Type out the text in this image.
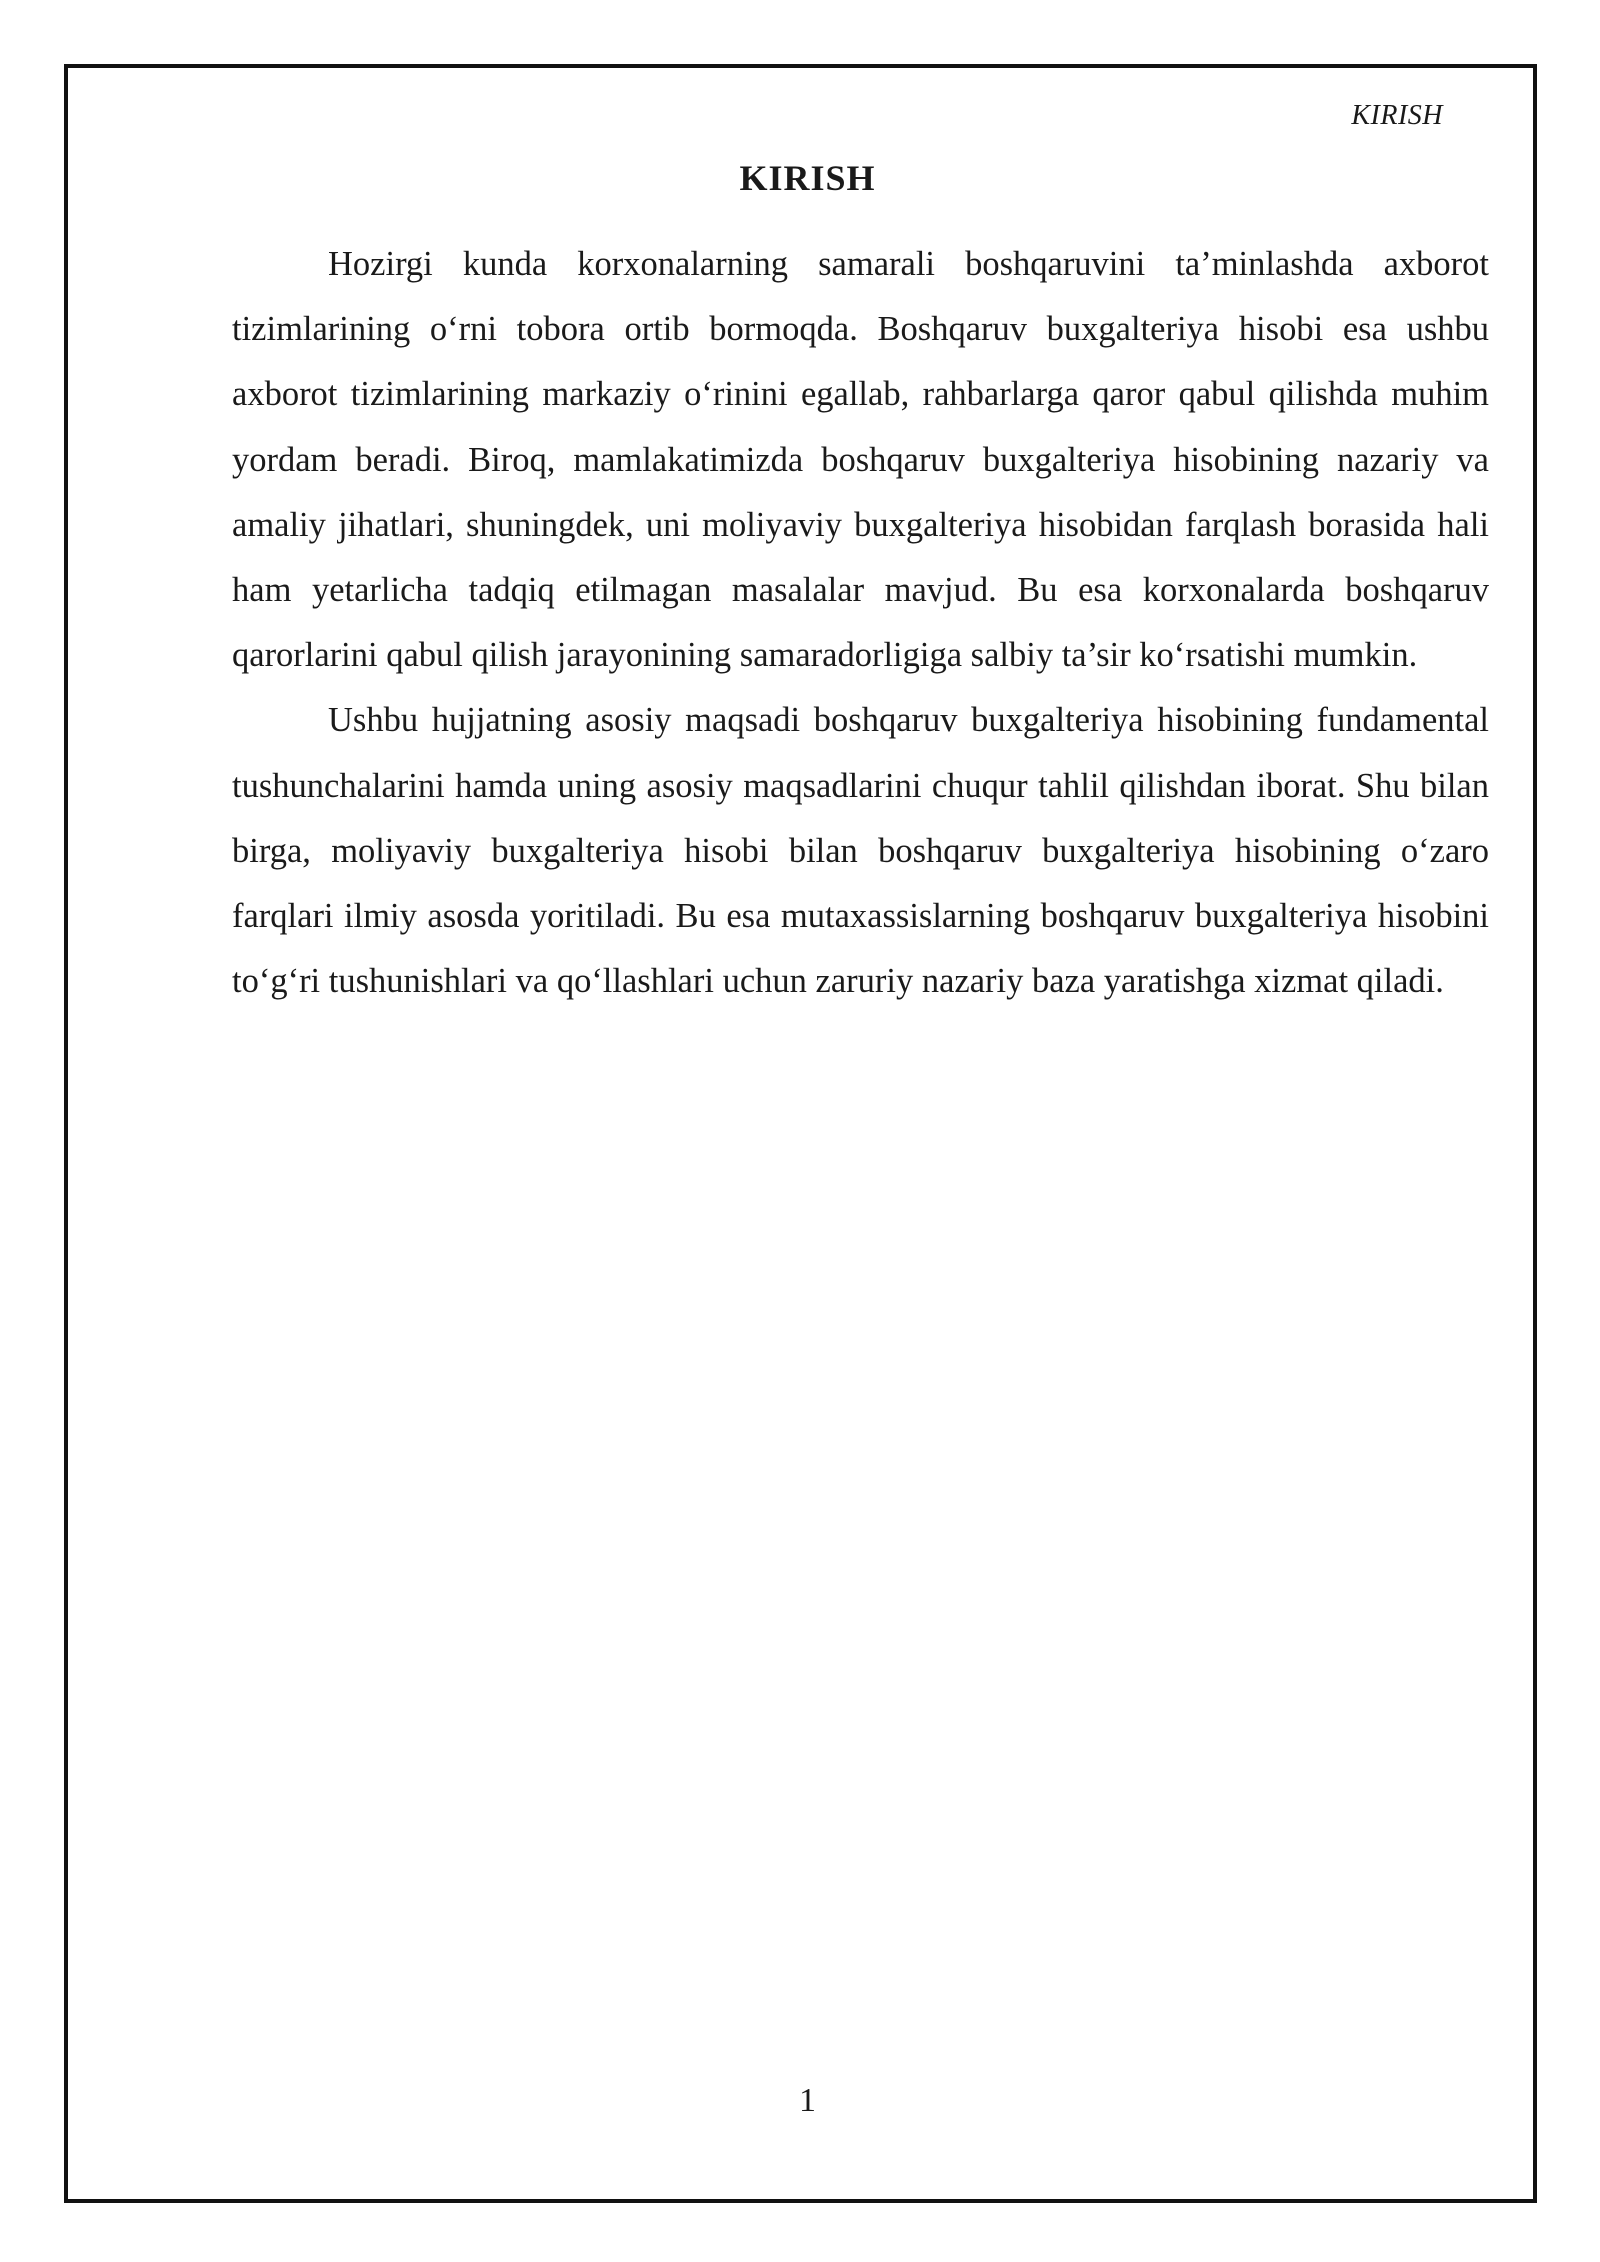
KIRISH
KIRISH

Hozirgi kunda korxonalarning samarali boshqaruvini ta’minlashda axborot tizimlarining o‘rni tobora ortib bormoqda. Boshqaruv buxgalteriya hisobi esa ushbu axborot tizimlarining markaziy o‘rinini egallab, rahbarlarga qaror qabul qilishda muhim yordam beradi. Biroq, mamlakatimizda boshqaruv buxgalteriya hisobining nazariy va amaliy jihatlari, shuningdek, uni moliyaviy buxgalteriya hisobidan farqlash borasida hali ham yetarlicha tadqiq etilmagan masalalar mavjud. Bu esa korxonalarda boshqaruv qarorlarini qabul qilish jarayonining samaradorligiga salbiy ta’sir ko‘rsatishi mumkin.

Ushbu hujjatning asosiy maqsadi boshqaruv buxgalteriya hisobining fundamental tushunchalarini hamda uning asosiy maqsadlarini chuqur tahlil qilishdan iborat. Shu bilan birga, moliyaviy buxgalteriya hisobi bilan boshqaruv buxgalteriya hisobining o‘zaro farqlari ilmiy asosda yoritiladi. Bu esa mutaxassislarning boshqaruv buxgalteriya hisobini to‘g‘ri tushunishlari va qo‘llashlari uchun zaruriy nazariy baza yaratishga xizmat qiladi.

1
